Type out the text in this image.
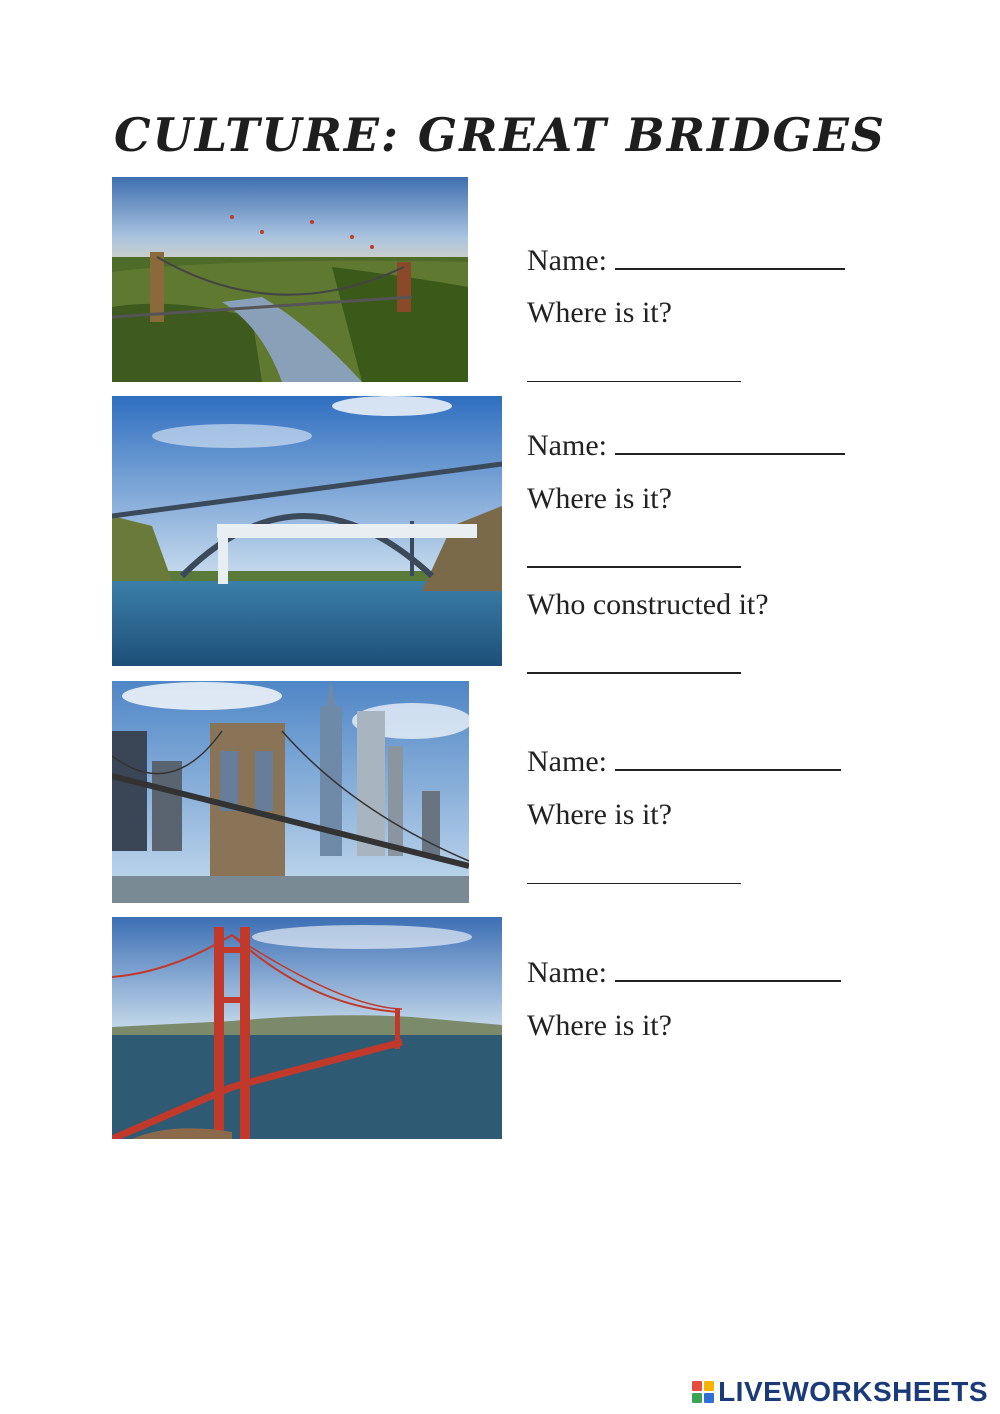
CULTURE: GREAT BRIDGES
Name:
Where is it?
Name:
Where is it?
Who constructed it?
Name:
Where is it?
Name:
Where is it?
LIVEWORKSHEETS
